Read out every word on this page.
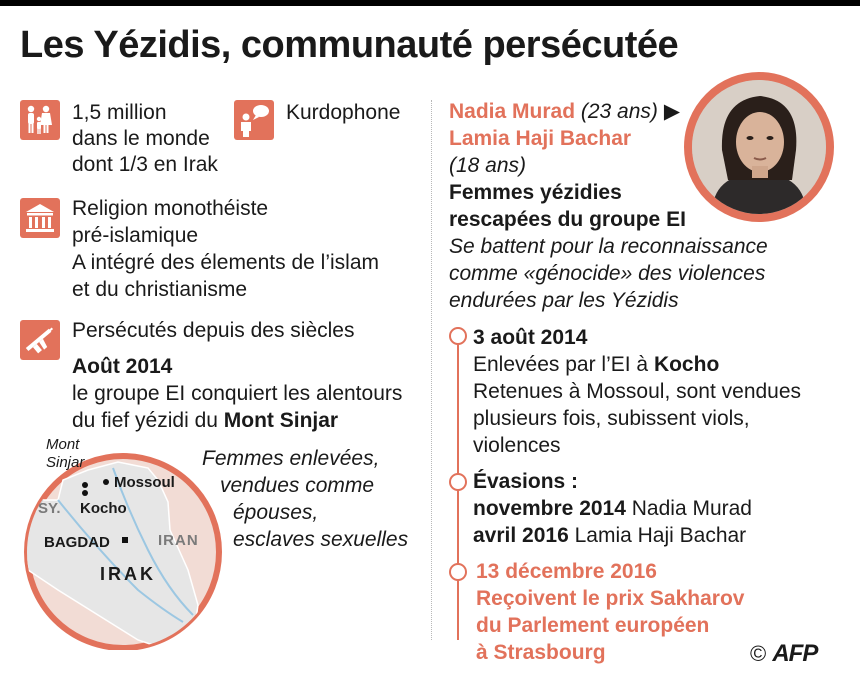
Les Yézidis, communauté persécutée
1,5 million
dans le monde
dont 1/3 en Irak
Kurdophone
Religion monothéiste
pré-islamique
A intégré des élements de l’islam
et du christianisme
Persécutés depuis des siècles
Août 2014
le groupe EI conquiert les alentours
du fief yézidi du Mont Sinjar
Mont
Sinjar
Mossoul
Kocho
SY.
BAGDAD	IRAN
IRAK
Femmes enlevées,
vendues comme
épouses,
esclaves sexuelles
Nadia Murad (23 ans) ▶
Lamia Haji Bachar
(18 ans)
Femmes yézidies
rescapées du groupe EI
Se battent pour la reconnaissance
comme «génocide» des violences
endurées par les Yézidis
3 août 2014
Enlevées par l’EI à Kocho
Retenues à Mossoul, sont vendues
plusieurs fois, subissent viols,
violences
Évasions :
novembre 2014 Nadia Murad
avril 2016 Lamia Haji Bachar
13 décembre 2016
Reçoivent le prix Sakharov
du Parlement européen
à Strasbourg	© AFP
